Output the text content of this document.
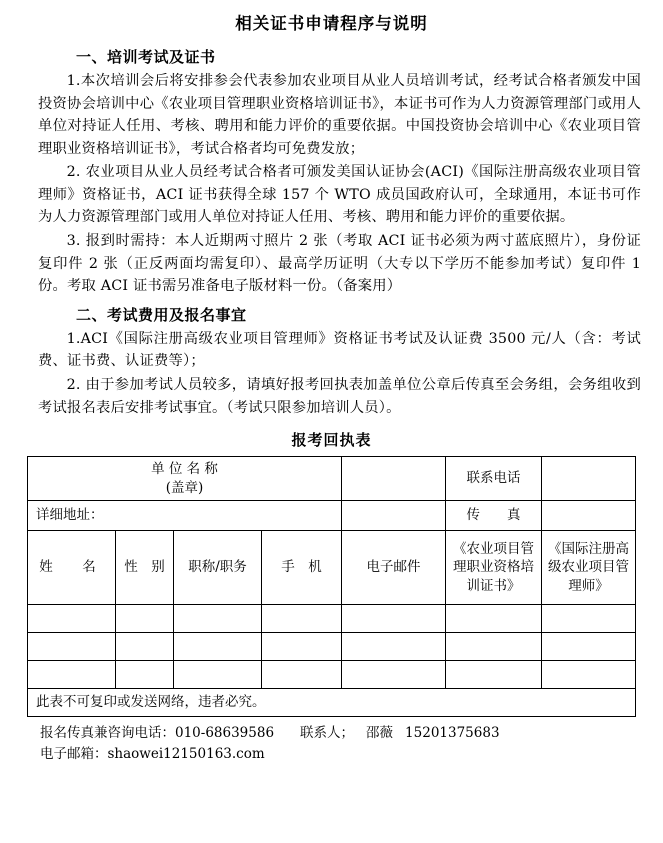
相关证书申请程序与说明
一、培训考试及证书

1.本次培训会后将安排参会代表参加农业项目从业人员培训考试，经考试合格者颁发中国投资协会培训中心《农业项目管理职业资格培训证书》，本证书可作为人力资源管理部门或用人单位对持证人任用、考核、聘用和能力评价的重要依据。中国投资协会培训中心《农业项目管理职业资格培训证书》，考试合格者均可免费发放；

2. 农业项目从业人员经考试合格者可颁发美国认证协会(ACI)《国际注册高级农业项目管理师》资格证书，ACI 证书获得全球 157 个 WTO 成员国政府认可，全球通用，本证书可作为人力资源管理部门或用人单位对持证人任用、考核、聘用和能力评价的重要依据。

3. 报到时需持：本人近期两寸照片 2 张（考取 ACI 证书必须为两寸蓝底照片），身份证复印件 2 张（正反两面均需复印）、最高学历证明（大专以下学历不能参加考试）复印件 1 份。考取 ACI 证书需另准备电子版材料一份。（备案用）

二、考试费用及报名事宜

1.ACI《国际注册高级农业项目管理师》资格证书考试及认证费 3500 元/人（含：考试费、证书费、认证费等）；

2. 由于参加考试人员较多，请填好报考回执表加盖单位公章后传真至会务组，会务组收到考试报名表后安排考试事宜。（考试只限参加培训人员）。

报考回执表
单 位 名 称
(盖章)					联系电话	
详细地址：					传　　真	
姓　名	性　别	职称/职务	手　机	电子邮件	《农业项目管理职业资格培训证书》	《国际注册高级农业项目管理师》

此表不可复印或发送网络，违者必究。						
报名传真兼咨询电话：010-68639586 联系人； 邵薇 15201375683
电子邮箱：shaowei12150163.com
